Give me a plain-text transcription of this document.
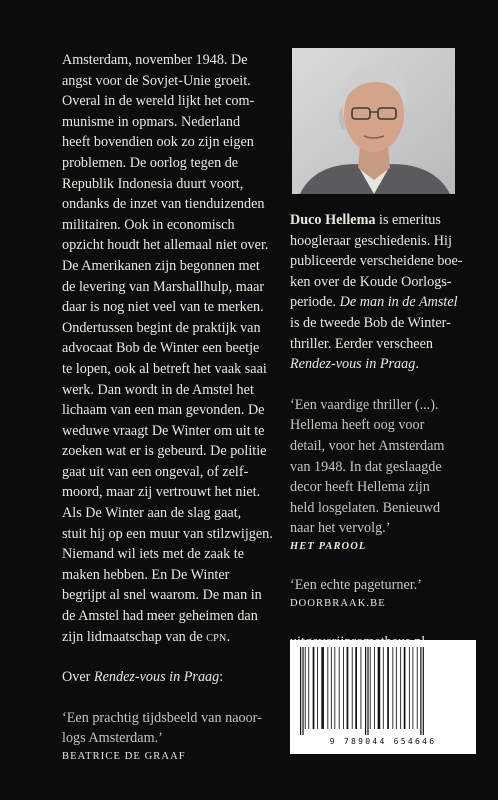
Amsterdam, november 1948. De
angst voor de Sovjet-Unie groeit.
Overal in de wereld lijkt het com-
munisme in opmars. Nederland
heeft bovendien ook zo zijn eigen
problemen. De oorlog tegen de
Republik Indonesia duurt voort,
ondanks de inzet van tienduizenden
militairen. Ook in economisch
opzicht houdt het allemaal niet over.
De Amerikanen zijn begonnen met
de levering van Marshallhulp, maar
daar is nog niet veel van te merken.
Ondertussen begint de praktijk van
advocaat Bob de Winter een beetje
te lopen, ook al betreft het vaak saai
werk. Dan wordt in de Amstel het
lichaam van een man gevonden. De
weduwe vraagt De Winter om uit te
zoeken wat er is gebeurd. De politie
gaat uit van een ongeval, of zelf-
moord, maar zij vertrouwt het niet.
Als De Winter aan de slag gaat,
stuit hij op een muur van stilzwijgen.
Niemand wil iets met de zaak te
maken hebben. En De Winter
begrijpt al snel waarom. De man in
de Amstel had meer geheimen dan
zijn lidmaatschap van de cpn.
Over Rendez-vous in Praag:
‘Een prachtig tijdsbeeld van naoor-
logs Amsterdam.’
BEATRICE DE GRAAF
Duco Hellema is emeritus
hoogleraar geschiedenis. Hij
publiceerde verscheidene boe-
ken over de Koude Oorlogs-
periode. De man in de Amstel
is de tweede Bob de Winter-
thriller. Eerder verscheen
Rendez-vous in Praag.
‘Een vaardige thriller (...).
Hellema heeft oog voor
detail, voor het Amsterdam
van 1948. In dat geslaagde
decor heeft Hellema zijn
held losgelaten. Benieuwd
naar het vervolg.’
HET PAROOL
‘Een echte pageturner.’
DOORBRAAK.BE
9 789044 654646
